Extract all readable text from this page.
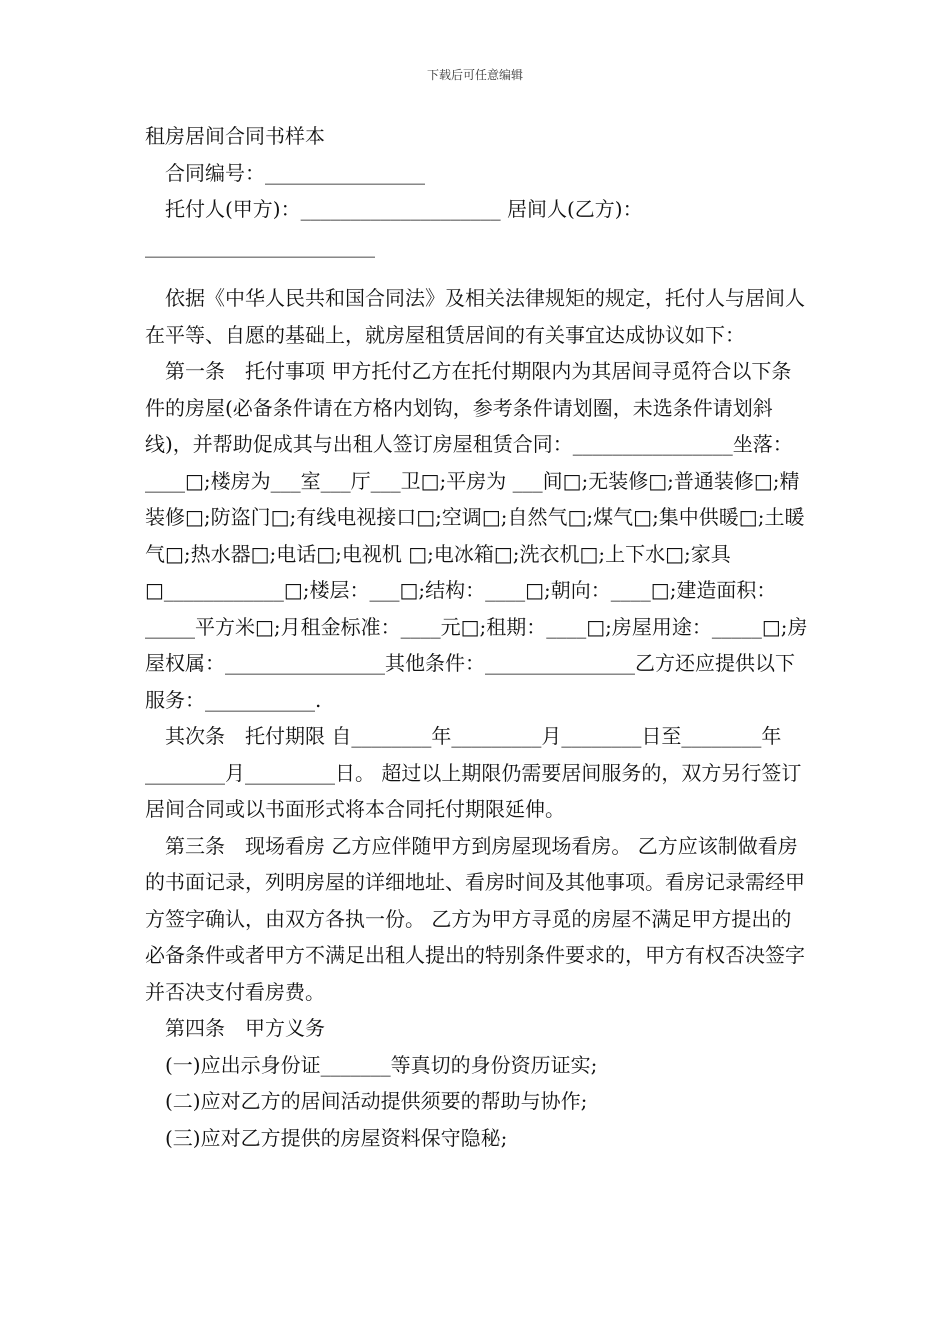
下载后可任意编辑

租房居间合同书样本

合同编号：________________

托付人(甲方)：____________________ 居间人(乙方)：_______________________

依据《中华人民共和国合同法》及相关法律规矩的规定，托付人与居间人在平等、自愿的基础上，就房屋租赁居间的有关事宜达成协议如下：

第一条　托付事项 甲方托付乙方在托付期限内为其居间寻觅符合以下条件的房屋(必备条件请在方格内划钩，参考条件请划圈，未选条件请划斜线)，并帮助促成其与出租人签订房屋租赁合同：________________坐落：____□;楼房为___室___厅___卫□;平房为 ___间□;无装修□;普通装修□;精装修□;防盗门□;有线电视接口□;空调□;自然气□;煤气□;集中供暖□;土暖气□;热水器□;电话□;电视机 □;电冰箱□;洗衣机□;上下水□;家具□____________□;楼层：___□;结构：____□;朝向：____□;建造面积：_____平方米□;月租金标准：____元□;租期：____□;房屋用途：_____□;房屋权属：________________其他条件：_______________乙方还应提供以下服务：___________.

其次条　托付期限 自________年_________月________日至________年________月_________日。 超过以上期限仍需要居间服务的，双方另行签订居间合同或以书面形式将本合同托付期限延伸。

第三条　现场看房 乙方应伴随甲方到房屋现场看房。 乙方应该制做看房的书面记录，列明房屋的详细地址、看房时间及其他事项。看房记录需经甲方签字确认，由双方各执一份。 乙方为甲方寻觅的房屋不满足甲方提出的必备条件或者甲方不满足出租人提出的特别条件要求的，甲方有权否决签字并否决支付看房费。

第四条　甲方义务

(一)应出示身份证_______等真切的身份资历证实;

(二)应对乙方的居间活动提供须要的帮助与协作;

(三)应对乙方提供的房屋资料保守隐秘;
